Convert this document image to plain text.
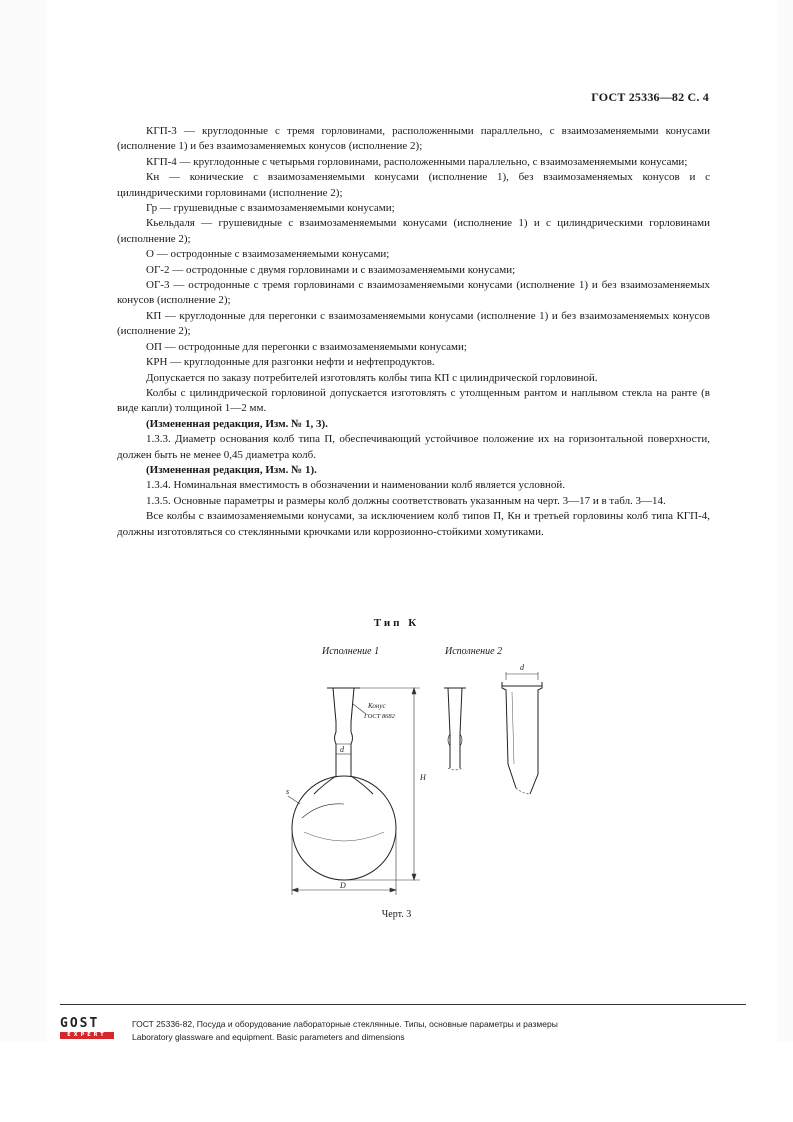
ГОСТ 25336—82 С. 4

КГП-3 — круглодонные с тремя горловинами, расположенными параллельно, с взаимозаменяемыми конусами (исполнение 1) и без взаимозаменяемых конусов (исполнение 2);

КГП-4 — круглодонные с четырьмя горловинами, расположенными параллельно, с взаимозаменяемыми конусами;

Кн — конические с взаимозаменяемыми конусами (исполнение 1), без взаимозаменяемых конусов и с цилиндрическими горловинами (исполнение 2);

Гр — грушевидные с взаимозаменяемыми конусами;

Кьельдаля — грушевидные с взаимозаменяемыми конусами (исполнение 1) и с цилиндрическими горловинами (исполнение 2);

О — остродонные с взаимозаменяемыми конусами;

ОГ-2 — остродонные с двумя горловинами и с взаимозаменяемыми конусами;

ОГ-3 — остродонные с тремя горловинами с взаимозаменяемыми конусами (исполнение 1) и без взаимозаменяемых конусов (исполнение 2);

КП — круглодонные для перегонки с взаимозаменяемыми конусами (исполнение 1) и без взаимозаменяемых конусов (исполнение 2);

ОП — остродонные для перегонки с взаимозаменяемыми конусами;

КРН — круглодонные для разгонки нефти и нефтепродуктов.

Допускается по заказу потребителей изготовлять колбы типа КП с цилиндрической горловиной.

Колбы с цилиндрической горловиной допускается изготовлять с утолщенным рантом и наплывом стекла на ранте (в виде капли) толщиной 1—2 мм.

(Измененная редакция, Изм. № 1, 3).

1.3.3. Диаметр основания колб типа П, обеспечивающий устойчивое положение их на горизонтальной поверхности, должен быть не менее 0,45 диаметра колб.

(Измененная редакция, Изм. № 1).

1.3.4. Номинальная вместимость в обозначении и наименовании колб является условной.

1.3.5. Основные параметры и размеры колб должны соответствовать указанным на черт. 3—17 и в табл. 3—14.

Все колбы с взаимозаменяемыми конусами, за исключением колб типов П, Кн и третьей горловины колб типа КГП-4, должны изготовляться со стеклянными крючками или коррозионно-стойкими хомутиками.

Тип К
Исполнение 1	Исполнение 2
Конус
ГОСТ 8682
d
H
D
s
d
Черт. 3
GOST
EXPERT
ГОСТ 25336-82, Посуда и оборудование лабораторные стеклянные. Типы, основные параметры и размеры
Laboratory glassware and equipment. Basic parameters and dimensions
